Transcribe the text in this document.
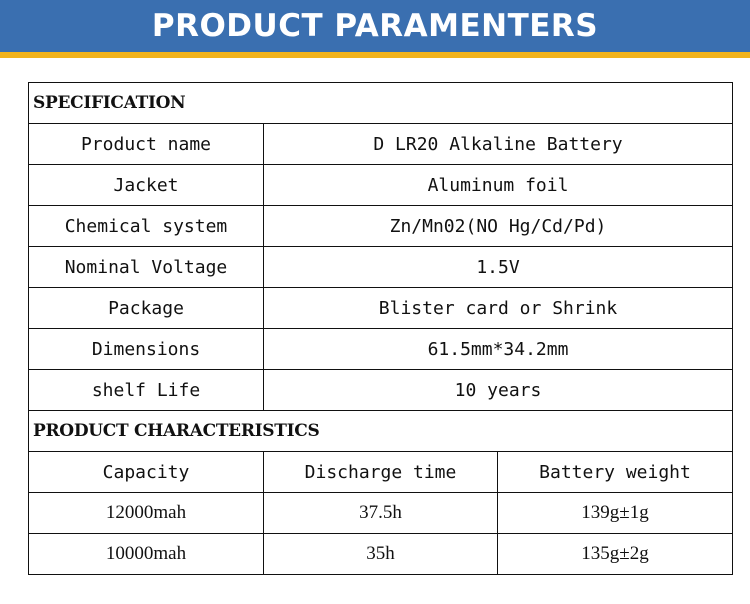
PRODUCT PARAMENTERS
SPECIFICATION		
Product name	D LR20 Alkaline Battery	
Jacket	Aluminum foil	
Chemical system	Zn/Mn02(NO Hg/Cd/Pd)	
Nominal Voltage	1.5V	
Package	Blister card or Shrink	
Dimensions	61.5mm*34.2mm	
shelf Life	10 years	
PRODUCT CHARACTERISTICS		
Capacity	Discharge time	Battery weight
12000mah	37.5h	139g±1g
10000mah	35h	135g±2g
